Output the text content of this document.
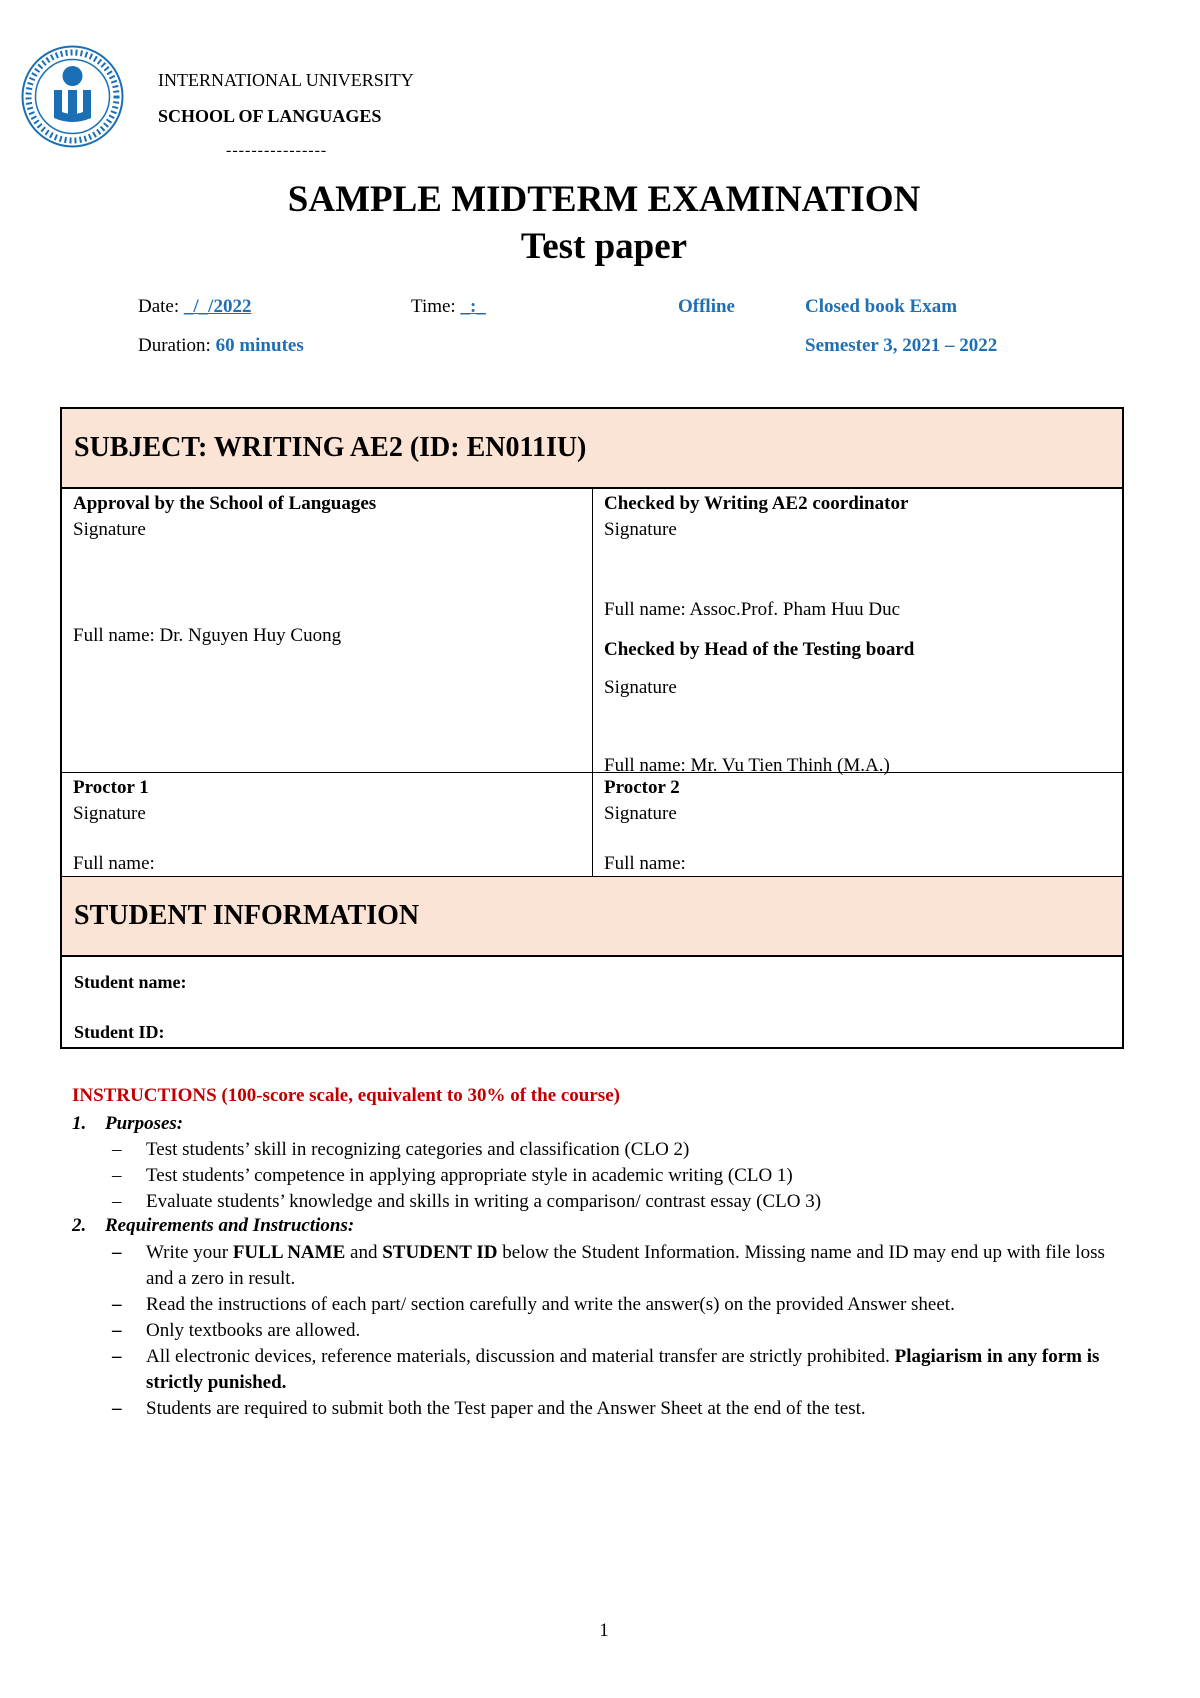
INTERNATIONAL UNIVERSITY
SCHOOL OF LANGUAGES
----------------
SAMPLE MIDTERM EXAMINATION
Test paper
Date: _/_/2022	Time: _:_	Offline	Closed book Exam
Duration: 60 minutes	Semester 3, 2021 – 2022
SUBJECT: WRITING AE2 (ID: EN011IU)
Approval by the School of Languages
Signature
Full name: Dr. Nguyen Huy Cuong
Checked by Writing AE2 coordinator
Signature
Full name: Assoc.Prof. Pham Huu Duc
Checked by Head of the Testing board
Signature
Full name: Mr. Vu Tien Thinh (M.A.)
Proctor 1
Signature
Full name:
Proctor 2
Signature
Full name:
STUDENT INFORMATION
Student name:
Student ID:
INSTRUCTIONS (100-score scale, equivalent to 30% of the course)
1. Purposes:
– Test students’ skill in recognizing categories and classification (CLO 2)
– Test students’ competence in applying appropriate style in academic writing (CLO 1)
– Evaluate students’ knowledge and skills in writing a comparison/ contrast essay (CLO 3)
2. Requirements and Instructions:
– Write your FULL NAME and STUDENT ID below the Student Information. Missing name and ID may end up with file loss and a zero in result.
– Read the instructions of each part/ section carefully and write the answer(s) on the provided Answer sheet.
– Only textbooks are allowed.
– All electronic devices, reference materials, discussion and material transfer are strictly prohibited. Plagiarism in any form is strictly punished.
– Students are required to submit both the Test paper and the Answer Sheet at the end of the test.
1
